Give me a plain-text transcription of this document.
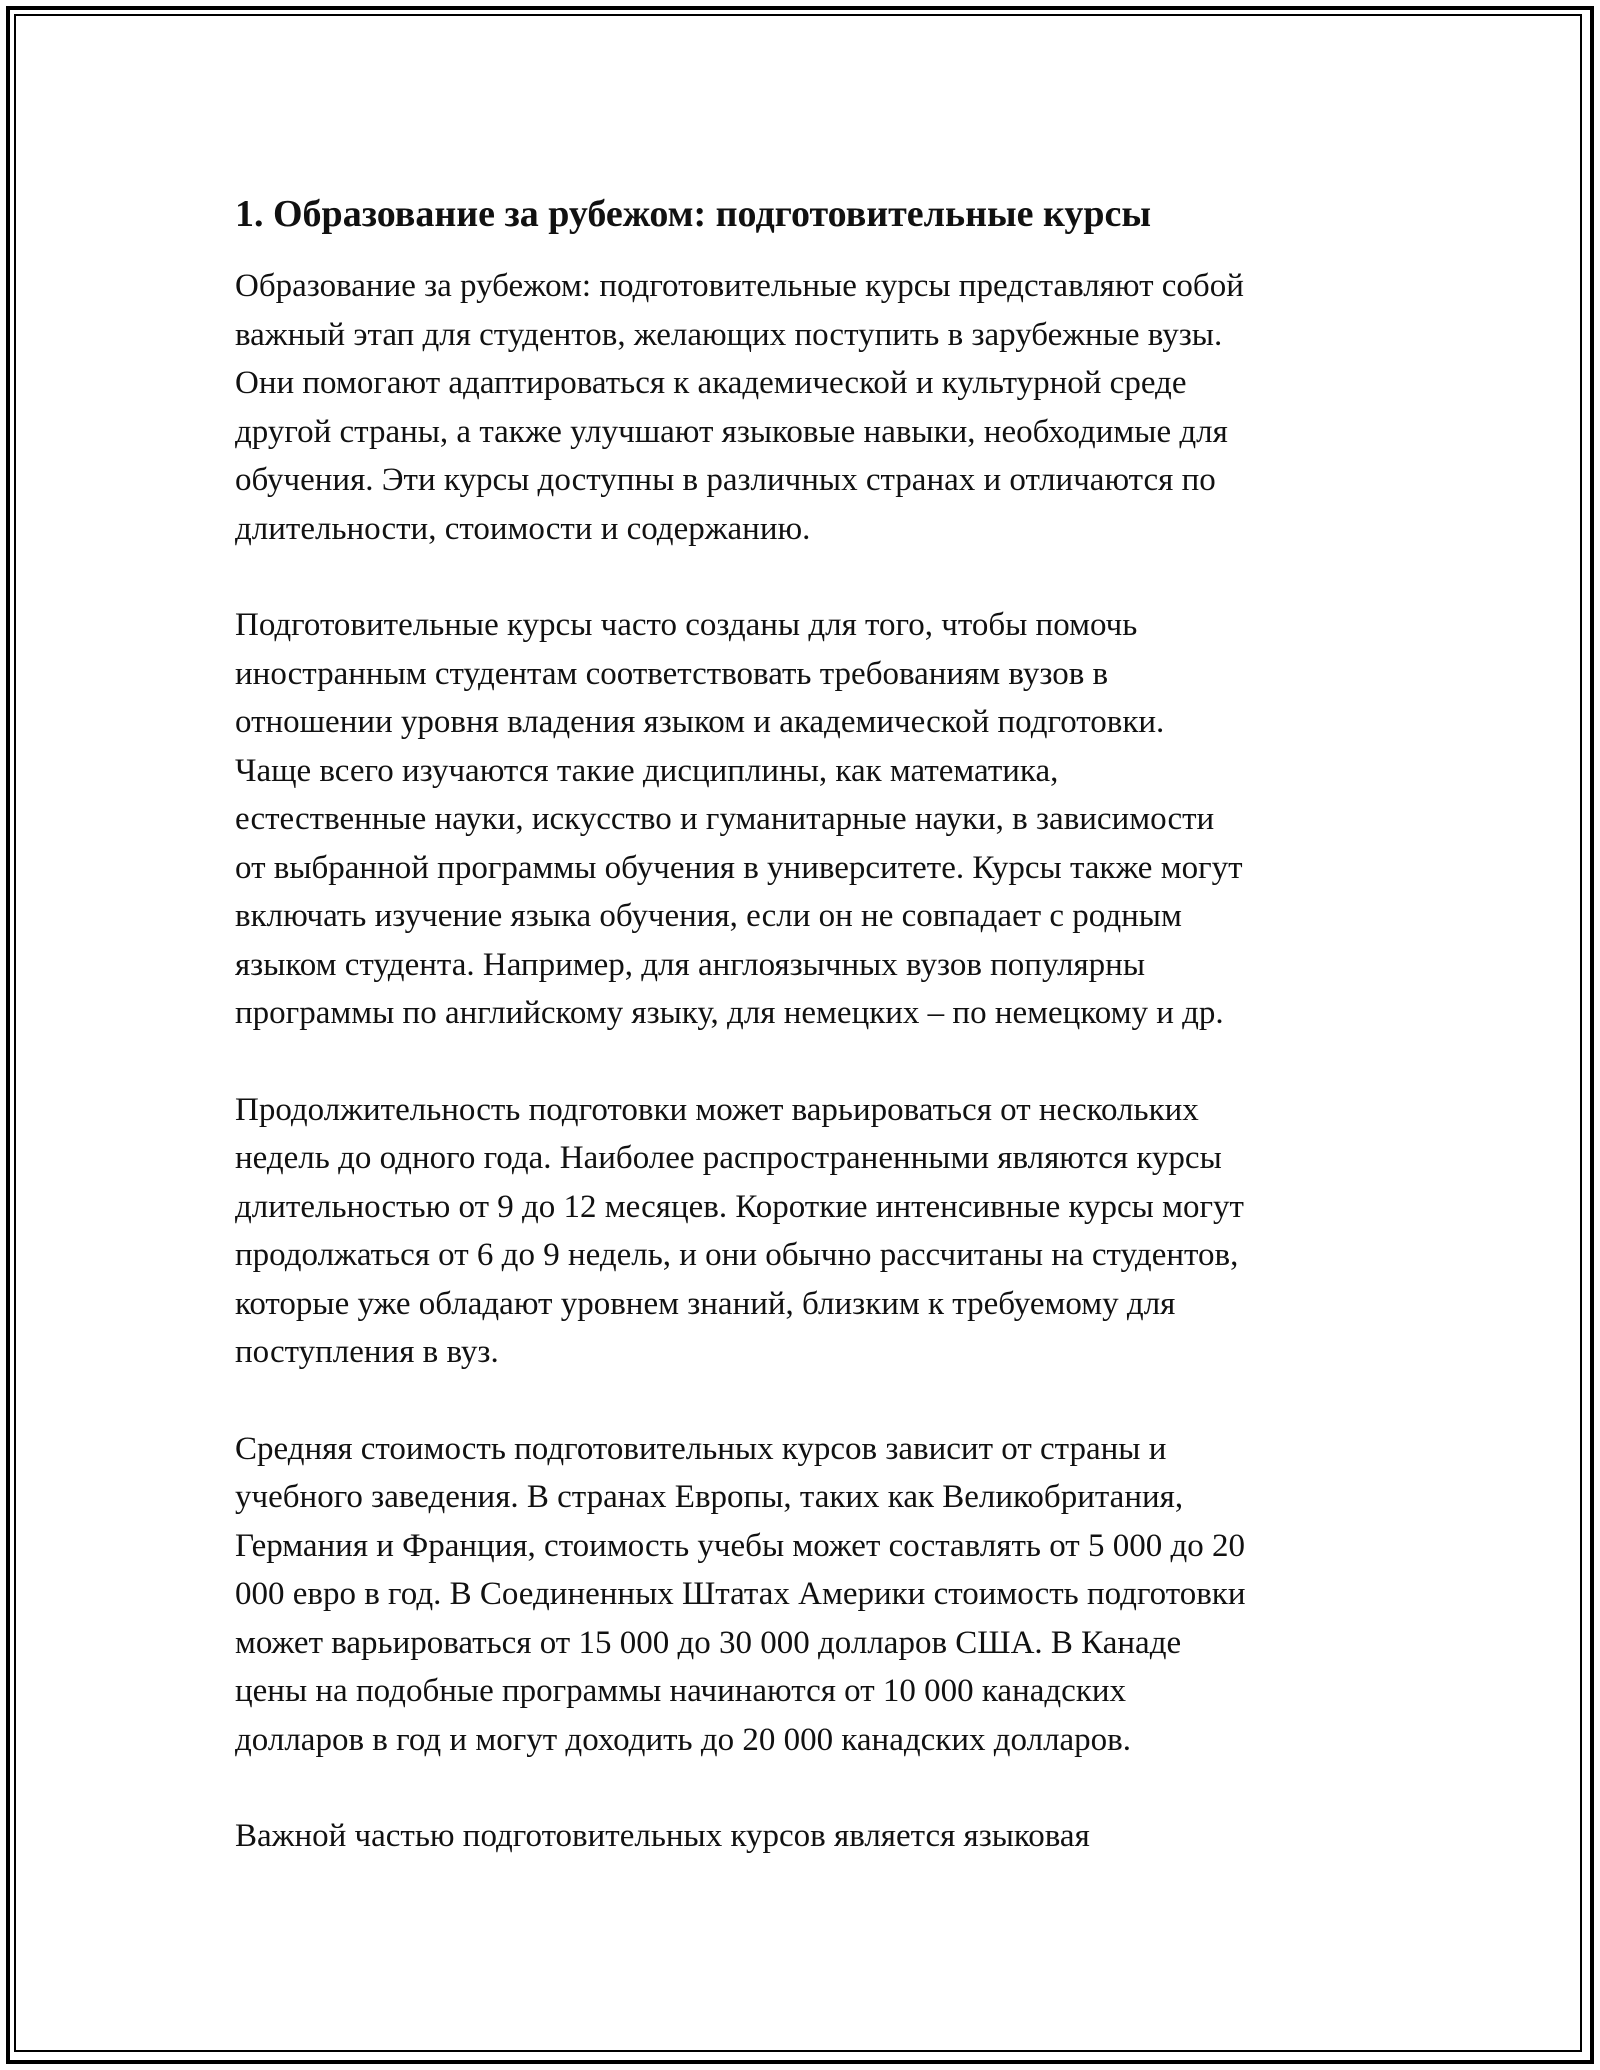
1. Образование за рубежом: подготовительные курсы

Образование за рубежом: подготовительные курсы представляют собой
важный этап для студентов, желающих поступить в зарубежные вузы.
Они помогают адаптироваться к академической и культурной среде
другой страны, а также улучшают языковые навыки, необходимые для
обучения. Эти курсы доступны в различных странах и отличаются по
длительности, стоимости и содержанию.

Подготовительные курсы часто созданы для того, чтобы помочь
иностранным студентам соответствовать требованиям вузов в
отношении уровня владения языком и академической подготовки.
Чаще всего изучаются такие дисциплины, как математика,
естественные науки, искусство и гуманитарные науки, в зависимости
от выбранной программы обучения в университете. Курсы также могут
включать изучение языка обучения, если он не совпадает с родным
языком студента. Например, для англоязычных вузов популярны
программы по английскому языку, для немецких – по немецкому и др.

Продолжительность подготовки может варьироваться от нескольких
недель до одного года. Наиболее распространенными являются курсы
длительностью от 9 до 12 месяцев. Короткие интенсивные курсы могут
продолжаться от 6 до 9 недель, и они обычно рассчитаны на студентов,
которые уже обладают уровнем знаний, близким к требуемому для
поступления в вуз.

Средняя стоимость подготовительных курсов зависит от страны и
учебного заведения. В странах Европы, таких как Великобритания,
Германия и Франция, стоимость учебы может составлять от 5 000 до 20
000 евро в год. В Соединенных Штатах Америки стоимость подготовки
может варьироваться от 15 000 до 30 000 долларов США. В Канаде
цены на подобные программы начинаются от 10 000 канадских
долларов в год и могут доходить до 20 000 канадских долларов.

Важной частью подготовительных курсов является языковая
